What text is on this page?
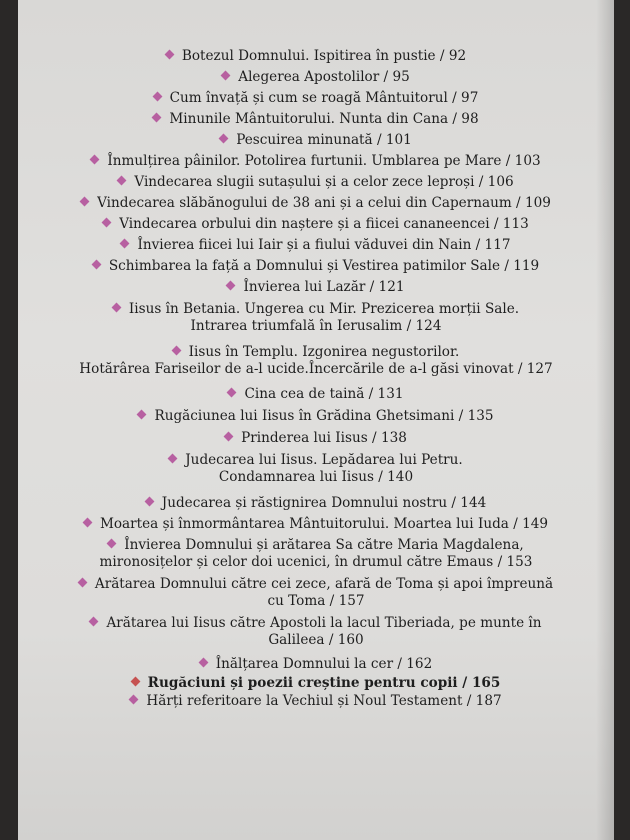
Botezul Domnului. Ispitirea în pustie / 92
Alegerea Apostolilor / 95
Cum învață și cum se roagă Mântuitorul / 97
Minunile Mântuitorului. Nunta din Cana / 98
Pescuirea minunată / 101
Înmulțirea pâinilor. Potolirea furtunii. Umblarea pe Mare / 103
Vindecarea slugii sutașului și a celor zece leproși / 106
Vindecarea slăbănogului de 38 ani și a celui din Capernaum / 109
Vindecarea orbului din naștere și a fiicei cananeencei / 113
Învierea fiicei lui Iair și a fiului văduvei din Nain / 117
Schimbarea la față a Domnului și Vestirea patimilor Sale / 119
Învierea lui Lazăr / 121
Iisus în Betania. Ungerea cu Mir. Prezicerea morții Sale.
Intrarea triumfală în Ierusalim / 124
Iisus în Templu. Izgonirea negustorilor.
Hotărârea Fariseilor de a-l ucide.Încercările de a-l găsi vinovat / 127
Cina cea de taină / 131
Rugăciunea lui Iisus în Grădina Ghetsimani / 135
Prinderea lui Iisus / 138
Judecarea lui Iisus. Lepădarea lui Petru.
Condamnarea lui Iisus / 140
Judecarea și răstignirea Domnului nostru / 144
Moartea și înmormântarea Mântuitorului. Moartea lui Iuda / 149
Învierea Domnului și arătarea Sa către Maria Magdalena,
mironosițelor și celor doi ucenici, în drumul către Emaus / 153
Arătarea Domnului către cei zece, afară de Toma și apoi împreună
cu Toma / 157
Arătarea lui Iisus către Apostoli la lacul Tiberiada, pe munte în
Galileea / 160
Înălțarea Domnului la cer / 162
Rugăciuni și poezii creștine pentru copii / 165
Hărți referitoare la Vechiul și Noul Testament / 187
